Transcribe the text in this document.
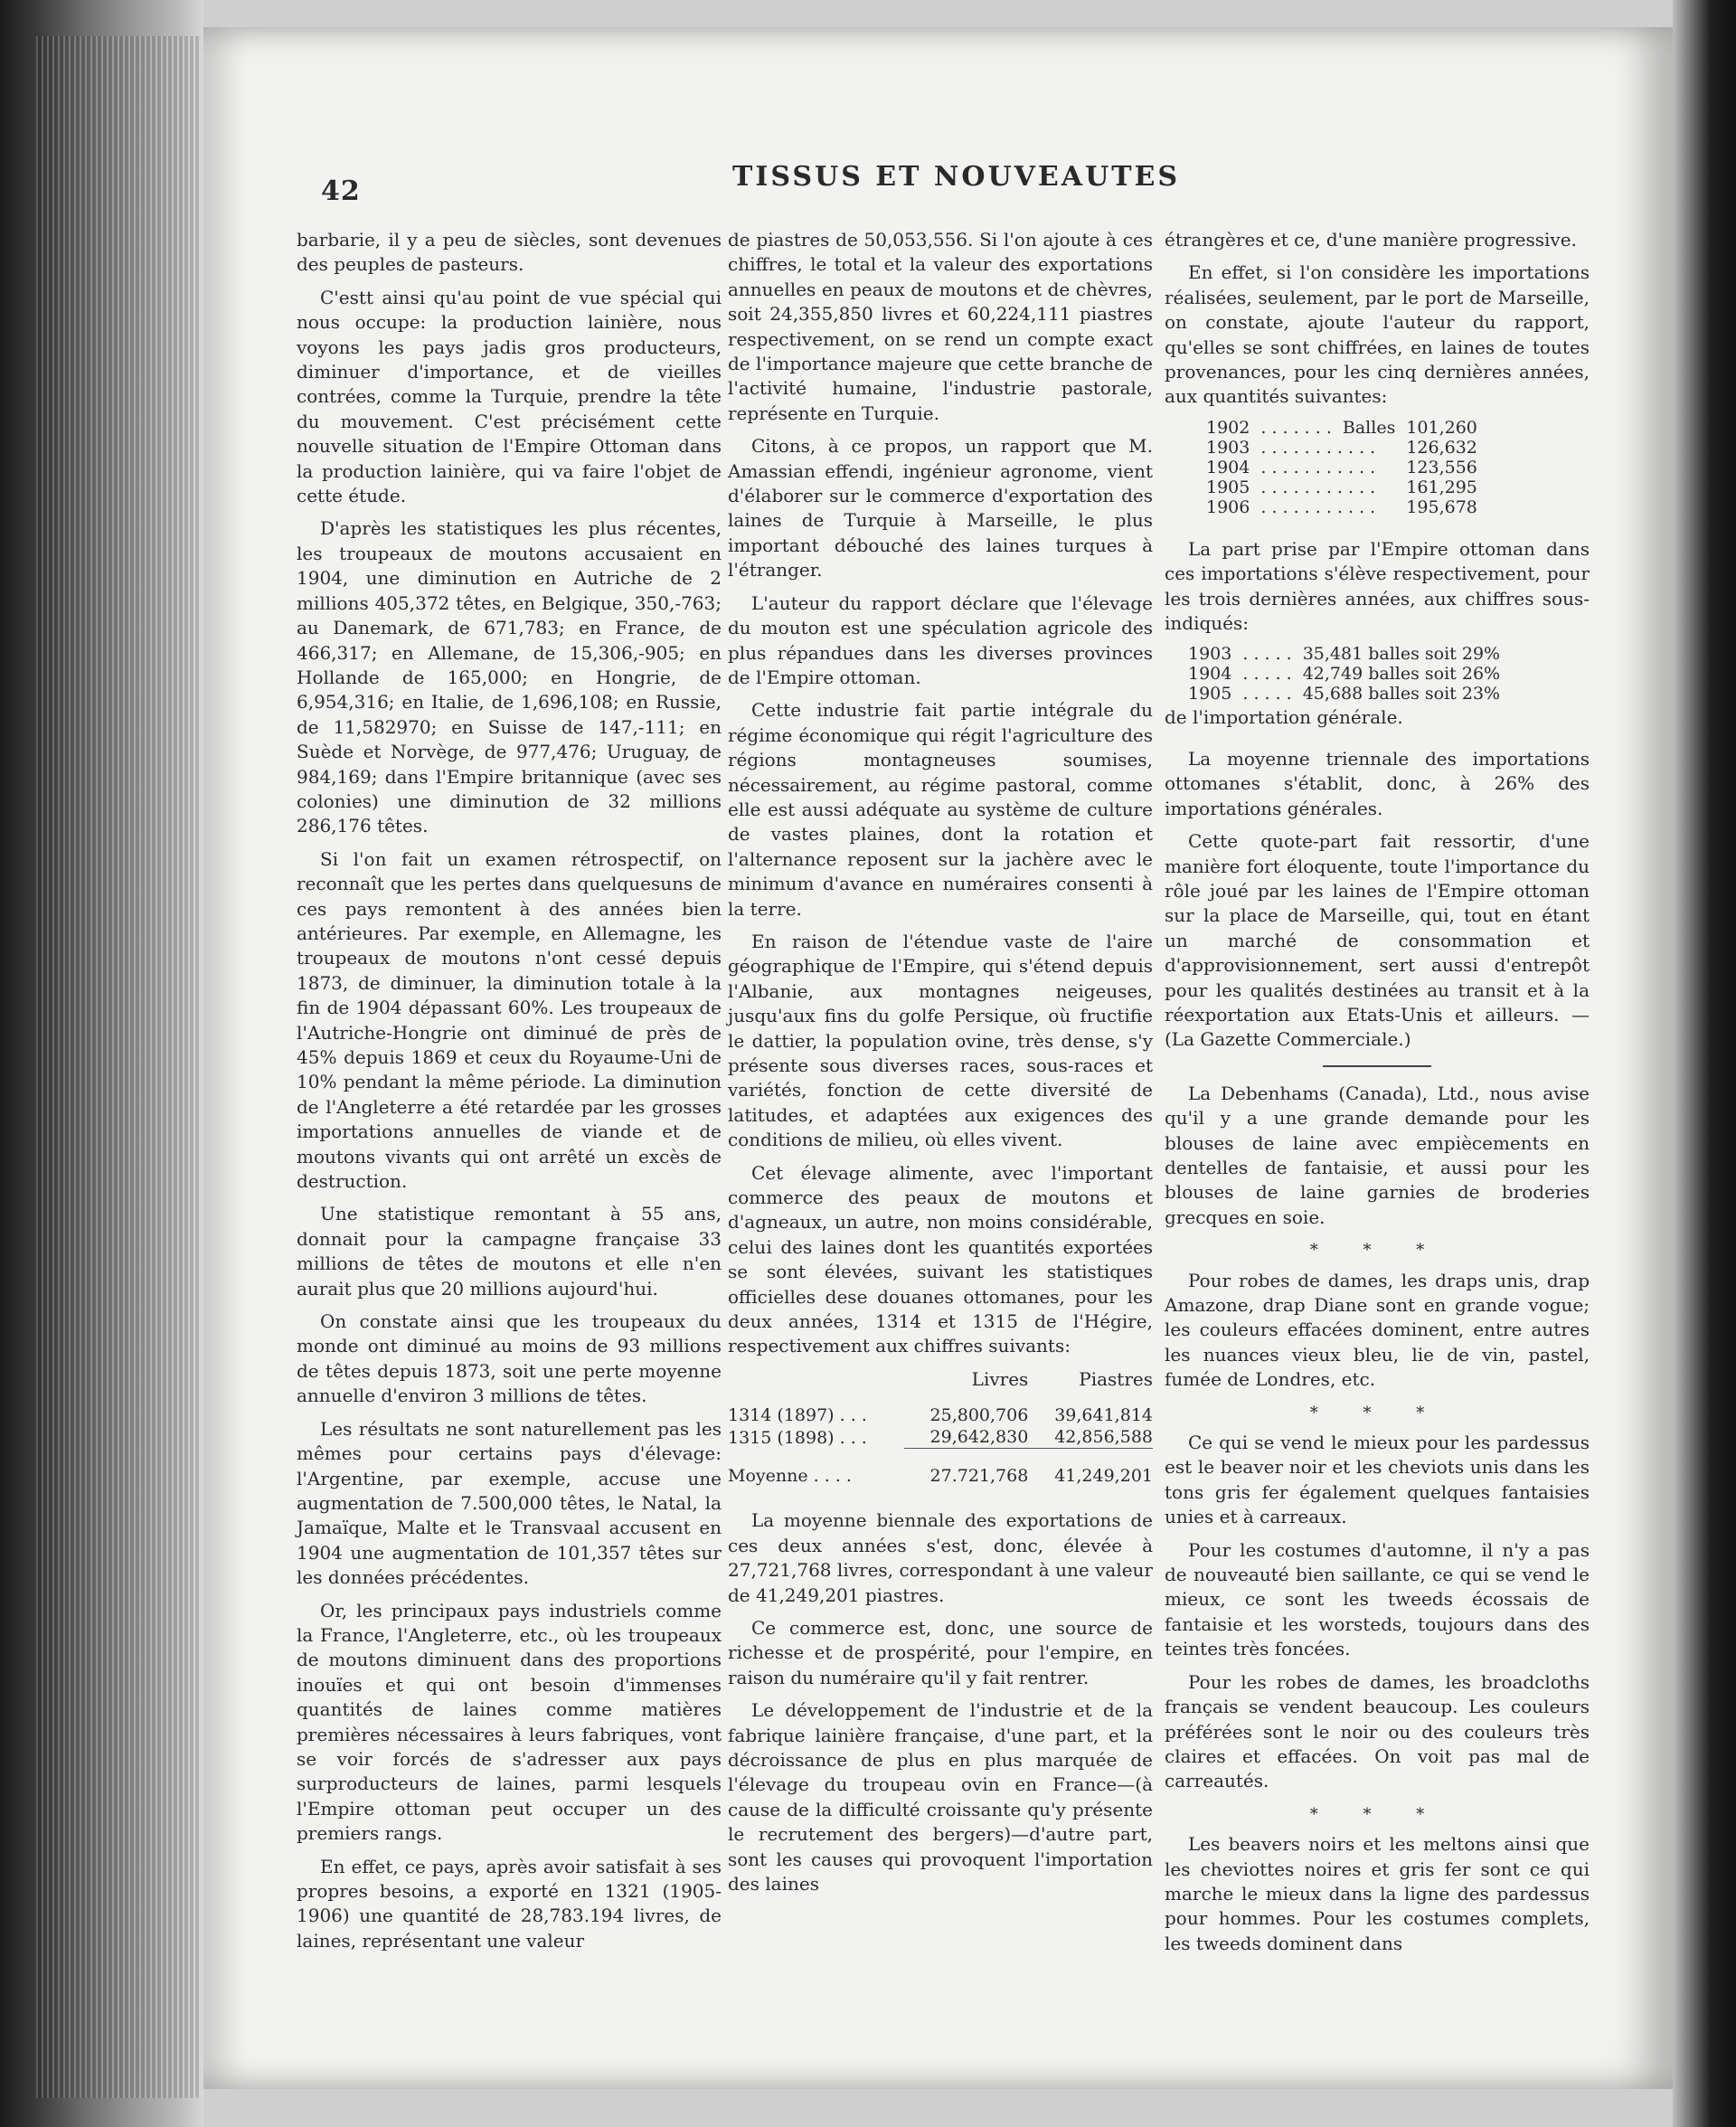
42	TISSUS ET NOUVEAUTES

barbarie, il y a peu de siècles, sont devenues des peuples de pasteurs.

C'estt ainsi qu'au point de vue spécial qui nous occupe: la production lainière, nous voyons les pays jadis gros producteurs, diminuer d'importance, et de vieilles contrées, comme la Turquie, prendre la tête du mouvement. C'est précisément cette nouvelle situation de l'Empire Ottoman dans la production lainière, qui va faire l'objet de cette étude.

D'après les statistiques les plus récentes, les troupeaux de moutons accusaient en 1904, une diminution en Autriche de 2 millions 405,372 têtes, en Belgique, 350,-763; au Danemark, de 671,783; en France, de 466,317; en Allemane, de 15,306,-905; en Hollande de 165,000; en Hongrie, de 6,954,316; en Italie, de 1,696,108; en Russie, de 11,582970; en Suisse de 147,-111; en Suède et Norvège, de 977,476; Uruguay, de 984,169; dans l'Empire britannique (avec ses colonies) une diminution de 32 millions 286,176 têtes.

Si l'on fait un examen rétrospectif, on reconnaît que les pertes dans quelquesuns de ces pays remontent à des années bien antérieures. Par exemple, en Allemagne, les troupeaux de moutons n'ont cessé depuis 1873, de diminuer, la diminution totale à la fin de 1904 dépassant 60%. Les troupeaux de l'Autriche-Hongrie ont diminué de près de 45% depuis 1869 et ceux du Royaume-Uni de 10% pendant la même période. La diminution de l'Angleterre a été retardée par les grosses importations annuelles de viande et de moutons vivants qui ont arrêté un excès de destruction.

Une statistique remontant à 55 ans, donnait pour la campagne française 33 millions de têtes de moutons et elle n'en aurait plus que 20 millions aujourd'hui.

On constate ainsi que les troupeaux du monde ont diminué au moins de 93 millions de têtes depuis 1873, soit une perte moyenne annuelle d'environ 3 millions de têtes.

Les résultats ne sont naturellement pas les mêmes pour certains pays d'élevage: l'Argentine, par exemple, accuse une augmentation de 7.500,000 têtes, le Natal, la Jamaïque, Malte et le Transvaal accusent en 1904 une augmentation de 101,357 têtes sur les données précédentes.

Or, les principaux pays industriels comme la France, l'Angleterre, etc., où les troupeaux de moutons diminuent dans des proportions inouïes et qui ont besoin d'immenses quantités de laines comme matières premières nécessaires à leurs fabriques, vont se voir forcés de s'adresser aux pays surproducteurs de laines, parmi lesquels l'Empire ottoman peut occuper un des premiers rangs.

En effet, ce pays, après avoir satisfait à ses propres besoins, a exporté en 1321 (1905-1906) une quantité de 28,783.194 livres, de laines, représentant une valeur

de piastres de 50,053,556. Si l'on ajoute à ces chiffres, le total et la valeur des exportations annuelles en peaux de moutons et de chèvres, soit 24,355,850 livres et 60,224,111 piastres respectivement, on se rend un compte exact de l'importance majeure que cette branche de l'activité humaine, l'industrie pastorale, représente en Turquie.

Citons, à ce propos, un rapport que M. Amassian effendi, ingénieur agronome, vient d'élaborer sur le commerce d'exportation des laines de Turquie à Marseille, le plus important débouché des laines turques à l'étranger.

L'auteur du rapport déclare que l'élevage du mouton est une spéculation agricole des plus répandues dans les diverses provinces de l'Empire ottoman.

Cette industrie fait partie intégrale du régime économique qui régit l'agriculture des régions montagneuses soumises, nécessairement, au régime pastoral, comme elle est aussi adéquate au système de culture de vastes plaines, dont la rotation et l'alternance reposent sur la jachère avec le minimum d'avance en numéraires consenti à la terre.

En raison de l'étendue vaste de l'aire géographique de l'Empire, qui s'étend depuis l'Albanie, aux montagnes neigeuses, jusqu'aux fins du golfe Persique, où fructifie le dattier, la population ovine, très dense, s'y présente sous diverses races, sous-races et variétés, fonction de cette diversité de latitudes, et adaptées aux exigences des conditions de milieu, où elles vivent.

Cet élevage alimente, avec l'important commerce des peaux de moutons et d'agneaux, un autre, non moins considérable, celui des laines dont les quantités exportées se sont élevées, suivant les statistiques officielles dese douanes ottomanes, pour les deux années, 1314 et 1315 de l'Hégire, respectivement aux chiffres suivants:

	Livres	Piastres
1314 (1897) . . .	25,800,706	39,641,814
1315 (1898) . . .	29,642,830	42,856,588
Moyenne . . . .	27.721,768	41,249,201

La moyenne biennale des exportations de ces deux années s'est, donc, élevée à 27,721,768 livres, correspondant à une valeur de 41,249,201 piastres.

Ce commerce est, donc, une source de richesse et de prospérité, pour l'empire, en raison du numéraire qu'il y fait rentrer.

Le développement de l'industrie et de la fabrique lainière française, d'une part, et la décroissance de plus en plus marquée de l'élevage du troupeau ovin en France—(à cause de la difficulté croissante qu'y présente le recrutement des bergers)—d'autre part, sont les causes qui provoquent l'importation des laines

étrangères et ce, d'une manière progressive.

En effet, si l'on considère les importations réalisées, seulement, par le port de Marseille, on constate, ajoute l'auteur du rapport, qu'elles se sont chiffrées, en laines de toutes provenances, pour les cinq dernières années, aux quantités suivantes:

1902	. . . . . . .	Balles	101,260
1903	. . . . . . . . . . .		126,632
1904	. . . . . . . . . . .		123,556
1905	. . . . . . . . . . .		161,295
1906	. . . . . . . . . . .		195,678

La part prise par l'Empire ottoman dans ces importations s'élève respectivement, pour les trois dernières années, aux chiffres sous-indiqués:

1903	. . . . .	35,481 balles soit 29%
1904	. . . . .	42,749 balles soit 26%
1905	. . . . .	45,688 balles soit 23%

de l'importation générale.

La moyenne triennale des importations ottomanes s'établit, donc, à 26% des importations générales.

Cette quote-part fait ressortir, d'une manière fort éloquente, toute l'importance du rôle joué par les laines de l'Empire ottoman sur la place de Marseille, qui, tout en étant un marché de consommation et d'approvisionnement, sert aussi d'entrepôt pour les qualités destinées au transit et à la réexportation aux Etats-Unis et ailleurs. — (La Gazette Commerciale.)

La Debenhams (Canada), Ltd., nous avise qu'il y a une grande demande pour les blouses de laine avec empiècements en dentelles de fantaisie, et aussi pour les blouses de laine garnies de broderies grecques en soie.

* * *

Pour robes de dames, les draps unis, drap Amazone, drap Diane sont en grande vogue; les couleurs effacées dominent, entre autres les nuances vieux bleu, lie de vin, pastel, fumée de Londres, etc.

* * *

Ce qui se vend le mieux pour les pardessus est le beaver noir et les cheviots unis dans les tons gris fer également quelques fantaisies unies et à carreaux.

Pour les costumes d'automne, il n'y a pas de nouveauté bien saillante, ce qui se vend le mieux, ce sont les tweeds écossais de fantaisie et les worsteds, toujours dans des teintes très foncées.

Pour les robes de dames, les broadcloths français se vendent beaucoup. Les couleurs préférées sont le noir ou des couleurs très claires et effacées. On voit pas mal de carreautés.

* * *

Les beavers noirs et les meltons ainsi que les cheviottes noires et gris fer sont ce qui marche le mieux dans la ligne des pardessus pour hommes. Pour les costumes complets, les tweeds dominent dans
